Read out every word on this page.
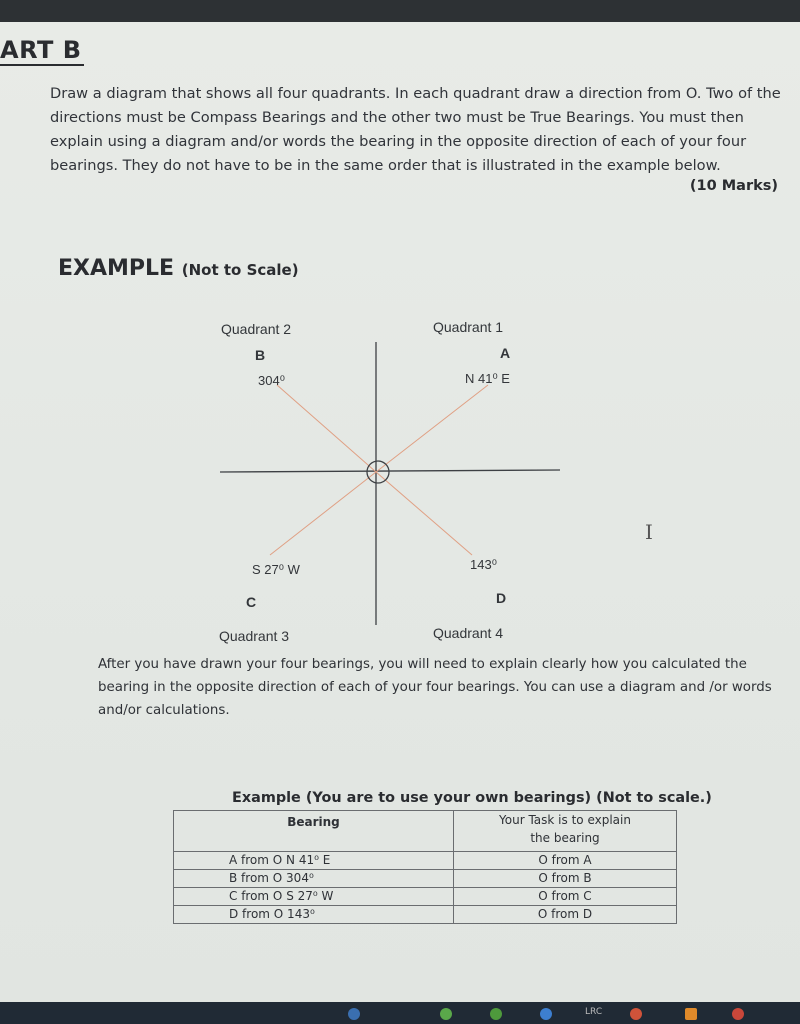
ART B
Draw a diagram that shows all four quadrants. In each quadrant draw a direction from O. Two of the directions must be Compass Bearings and the other two must be True Bearings. You must then explain using a diagram and/or words the bearing in the opposite direction of each of your four bearings. They do not have to be in the same order that is illustrated in the example below.
(10 Marks)
EXAMPLE (Not to Scale)
Quadrant 2	Quadrant 1
Quadrant 3	Quadrant 4
B
304⁰
A
N 41⁰ E
S 27⁰ W
C
143⁰
D
I
After you have drawn your four bearings, you will need to explain clearly how you calculated the bearing in the opposite direction of each of your four bearings. You can use a diagram and /or words and/or calculations.
Example (You are to use your own bearings) (Not to scale.)
Bearing	Your Task is to explain
the bearing
A from O N 41⁰ E	O from A
B from O 304⁰	O from B
C from O S 27⁰ W	O from C
D from O 143⁰	O from D
LRC
